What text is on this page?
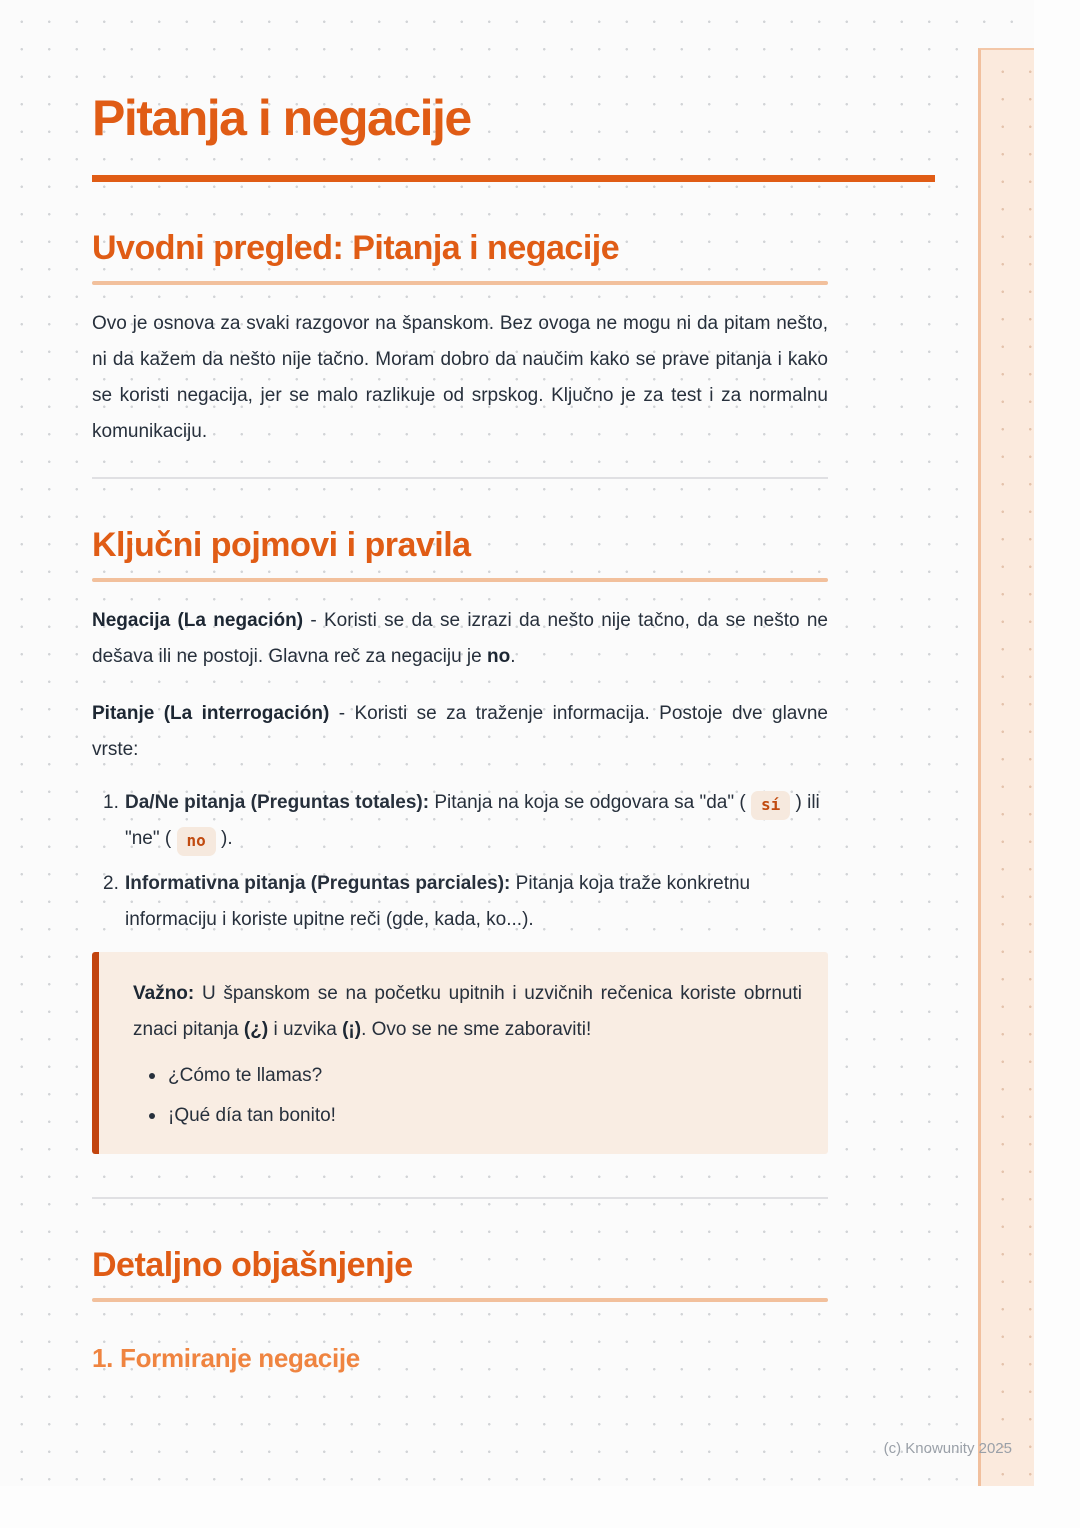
Pitanja i negacije
Uvodni pregled: Pitanja i negacije

Ovo je osnova za svaki razgovor na španskom. Bez ovoga ne mogu ni da pitam nešto, ni da kažem da nešto nije tačno. Moram dobro da naučim kako se prave pitanja i kako se koristi negacija, jer se malo razlikuje od srpskog. Ključno je za test i za normalnu komunikaciju.

Ključni pojmovi i pravila

Negacija (La negación) - Koristi se da se izrazi da nešto nije tačno, da se nešto ne dešava ili ne postoji. Glavna reč za negaciju je no.

Pitanje (La interrogación) - Koristi se za traženje informacija. Postoje dve glavne vrste:

1. Da/Ne pitanja (Preguntas totales): Pitanja na koja se odgovara sa "da" ( sí ) ili "ne" ( no ).
2. Informativna pitanja (Preguntas parciales): Pitanja koja traže konkretnu informaciju i koriste upitne reči (gde, kada, ko...).

Važno: U španskom se na početku upitnih i uzvičnih rečenica koriste obrnuti znaci pitanja (¿) i uzvika (¡). Ovo se ne sme zaboraviti!

¿Cómo te llamas?
¡Qué día tan bonito!
Detaljno objašnjenje
1. Formiranje negacije
(c) Knowunity 2025
